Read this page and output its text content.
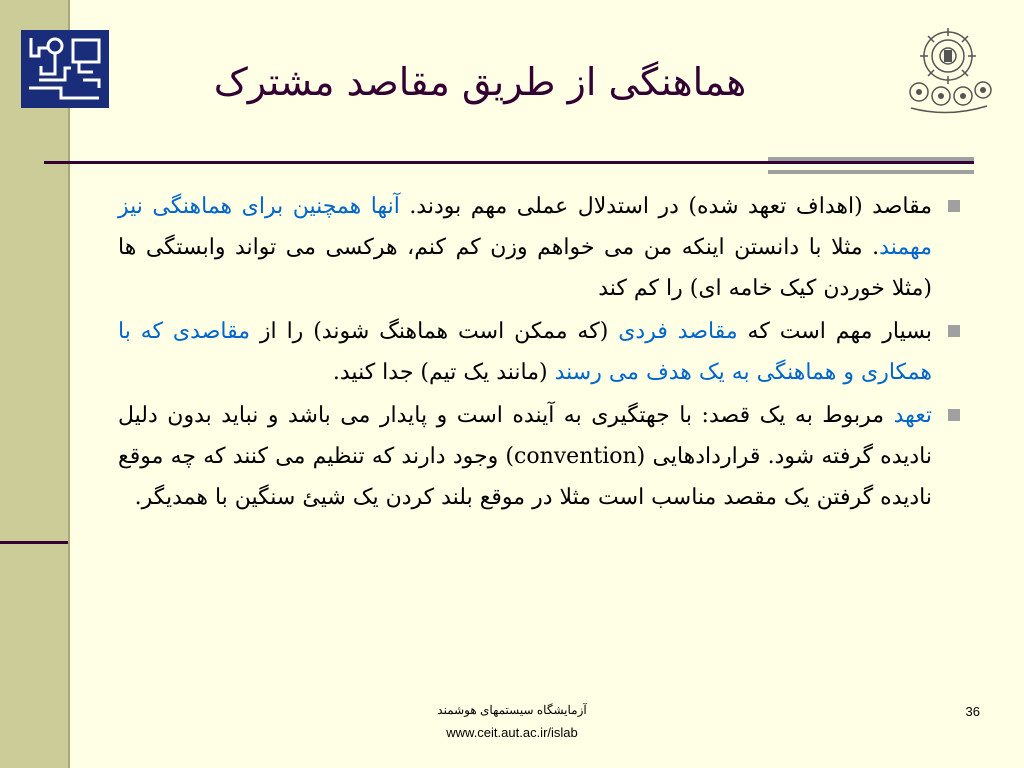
هماهنگی از طریق مقاصد مشترک
مقاصد (اهداف تعهد شده) در استدلال عملی مهم بودند. آنها همچنین برای هماهنگی نیز مهمند. مثلا با دانستن اینکه من می خواهم وزن کم کنم، هرکسی می تواند وابستگی ها (مثلا خوردن کیک خامه ای) را کم کند
بسیار مهم است که مقاصد فردی (که ممکن است هماهنگ شوند) را از مقاصدی که با همکاری و هماهنگی به یک هدف می رسند (مانند یک تیم) جدا کنید.
تعهد مربوط به یک قصد: با جهتگیری به آینده است و پایدار می باشد و نباید بدون دلیل نادیده گرفته شود. قراردادهایی (convention) وجود دارند که تنظیم می کنند که چه موقع نادیده گرفتن یک مقصد مناسب است مثلا در موقع بلند کردن یک شیئ سنگین با همدیگر.
آزمایشگاه سیستمهای هوشمند
www.ceit.aut.ac.ir/islab
36
